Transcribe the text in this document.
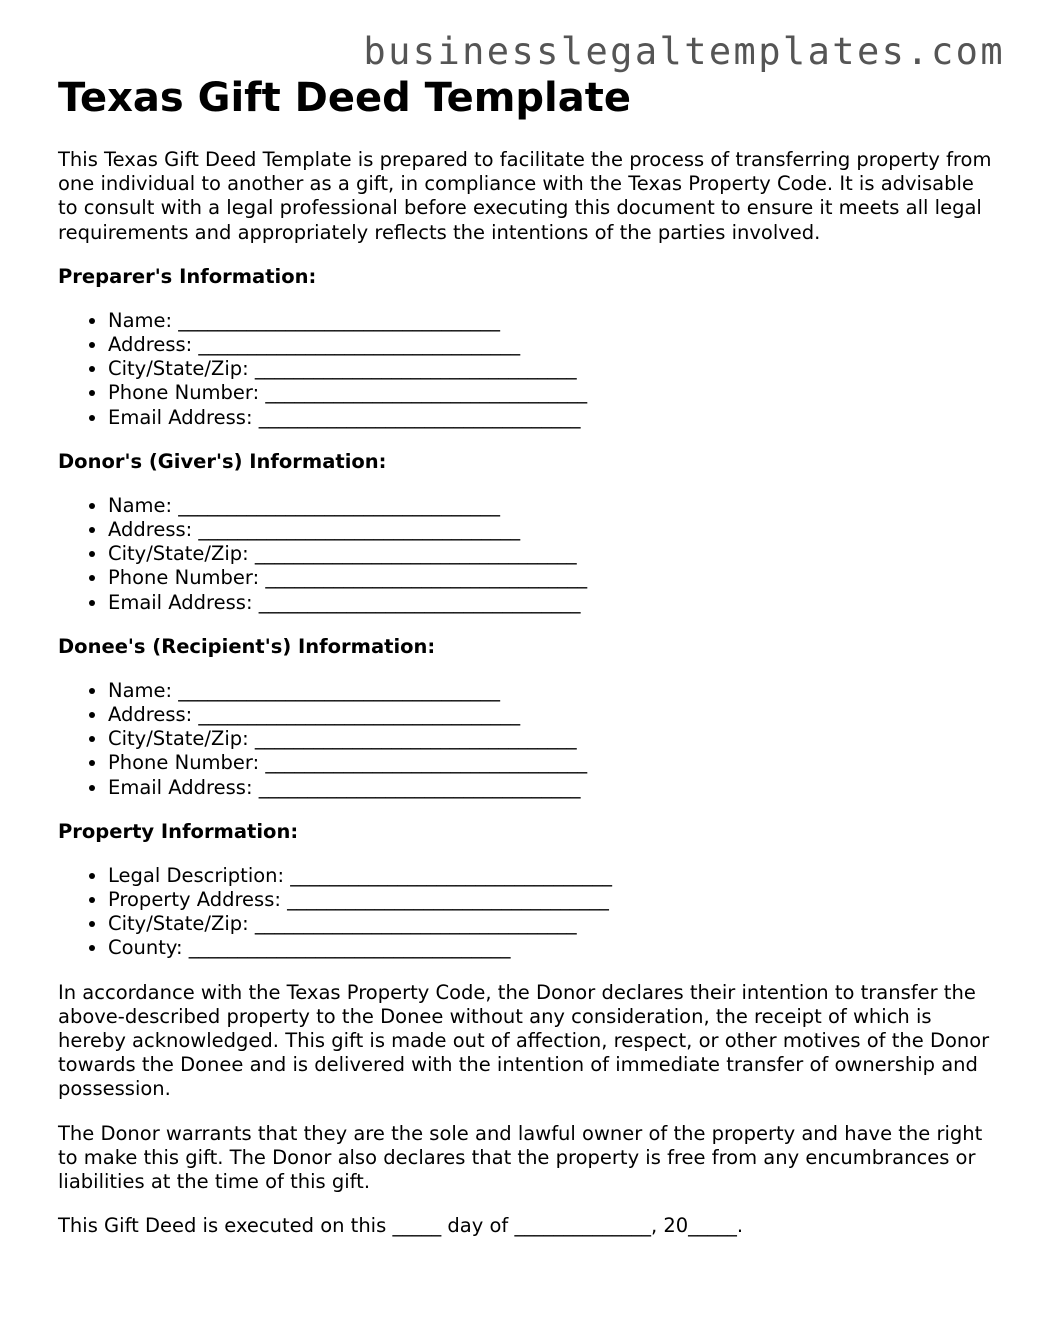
businesslegaltemplates.com
Texas Gift Deed Template

This Texas Gift Deed Template is prepared to facilitate the process of transferring property from one individual to another as a gift, in compliance with the Texas Property Code. It is advisable to consult with a legal professional before executing this document to ensure it meets all legal requirements and appropriately reflects the intentions of the parties involved.

Preparer's Information:
• Name: _________________________________
• Address: _________________________________
• City/State/Zip: _________________________________
• Phone Number: _________________________________
• Email Address: _________________________________
Donor's (Giver's) Information:
• Name: _________________________________
• Address: _________________________________
• City/State/Zip: _________________________________
• Phone Number: _________________________________
• Email Address: _________________________________
Donee's (Recipient's) Information:
• Name: _________________________________
• Address: _________________________________
• City/State/Zip: _________________________________
• Phone Number: _________________________________
• Email Address: _________________________________
Property Information:
• Legal Description: _________________________________
• Property Address: _________________________________
• City/State/Zip: _________________________________
• County: _________________________________

In accordance with the Texas Property Code, the Donor declares their intention to transfer the above-described property to the Donee without any consideration, the receipt of which is hereby acknowledged. This gift is made out of affection, respect, or other motives of the Donor towards the Donee and is delivered with the intention of immediate transfer of ownership and possession.

The Donor warrants that they are the sole and lawful owner of the property and have the right to make this gift. The Donor also declares that the property is free from any encumbrances or liabilities at the time of this gift.

This Gift Deed is executed on this _____ day of ______________, 20_____.
